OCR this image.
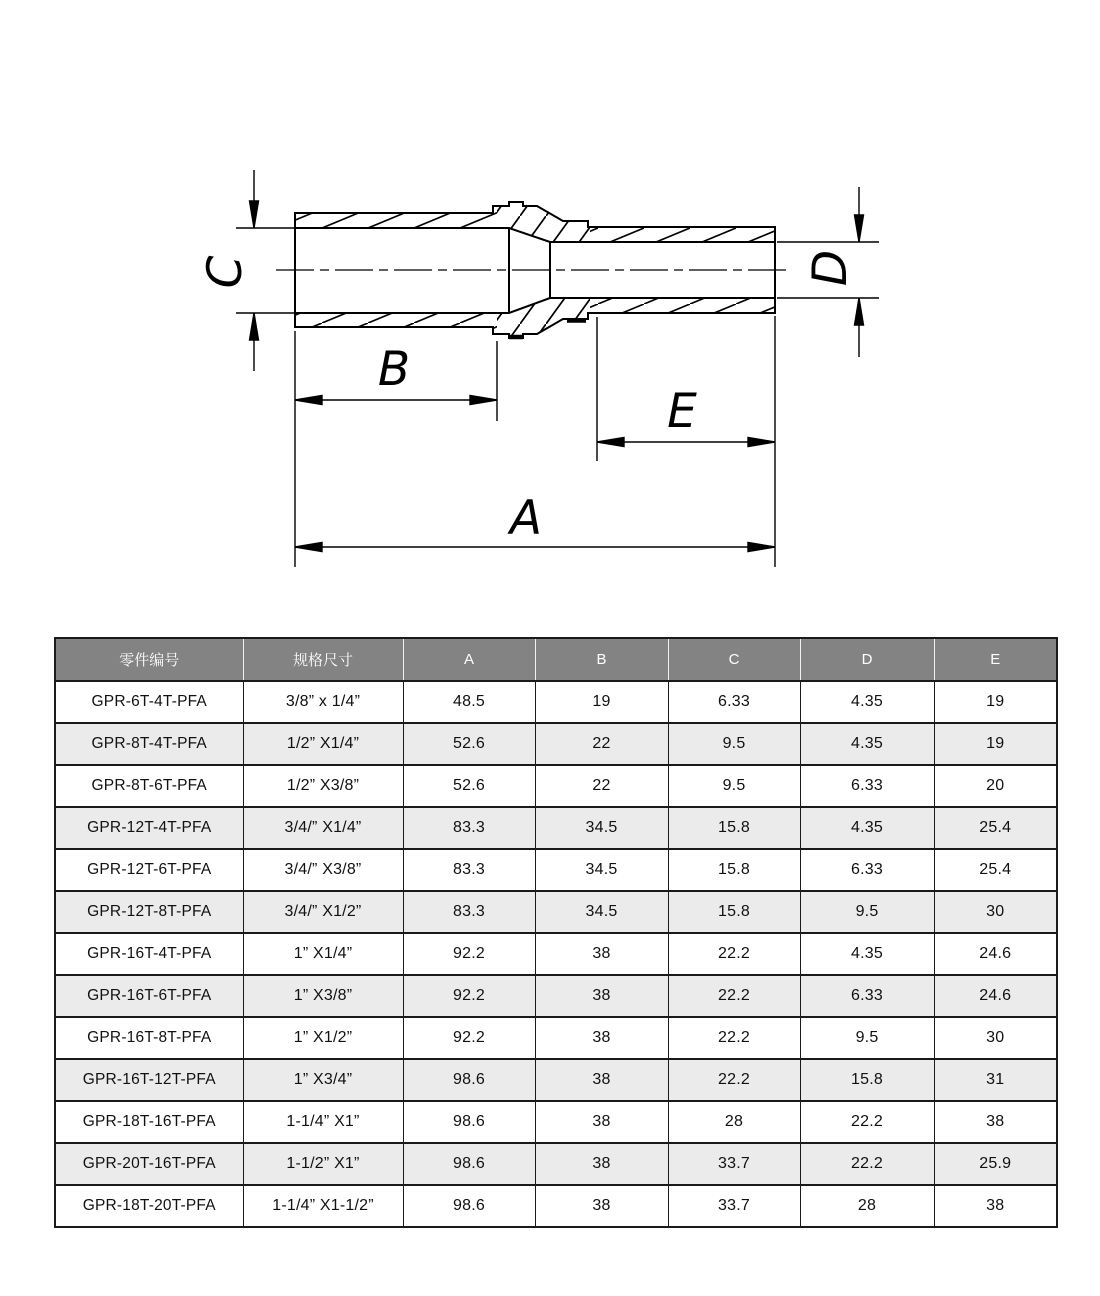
C	D
B
E
A
零件编号	规格尺寸	A	B	C	D	E
GPR-6T-4T-PFA	3/8” x 1/4”	48.5	19	6.33	4.35	19
GPR-8T-4T-PFA	1/2” X1/4”	52.6	22	9.5	4.35	19
GPR-8T-6T-PFA	1/2” X3/8”	52.6	22	9.5	6.33	20
GPR-12T-4T-PFA	3/4/” X1/4”	83.3	34.5	15.8	4.35	25.4
GPR-12T-6T-PFA	3/4/” X3/8”	83.3	34.5	15.8	6.33	25.4
GPR-12T-8T-PFA	3/4/” X1/2”	83.3	34.5	15.8	9.5	30
GPR-16T-4T-PFA	1” X1/4”	92.2	38	22.2	4.35	24.6
GPR-16T-6T-PFA	1” X3/8”	92.2	38	22.2	6.33	24.6
GPR-16T-8T-PFA	1” X1/2”	92.2	38	22.2	9.5	30
GPR-16T-12T-PFA	1” X3/4”	98.6	38	22.2	15.8	31
GPR-18T-16T-PFA	1-1/4” X1”	98.6	38	28	22.2	38
GPR-20T-16T-PFA	1-1/2” X1”	98.6	38	33.7	22.2	25.9
GPR-18T-20T-PFA	1-1/4” X1-1/2”	98.6	38	33.7	28	38
